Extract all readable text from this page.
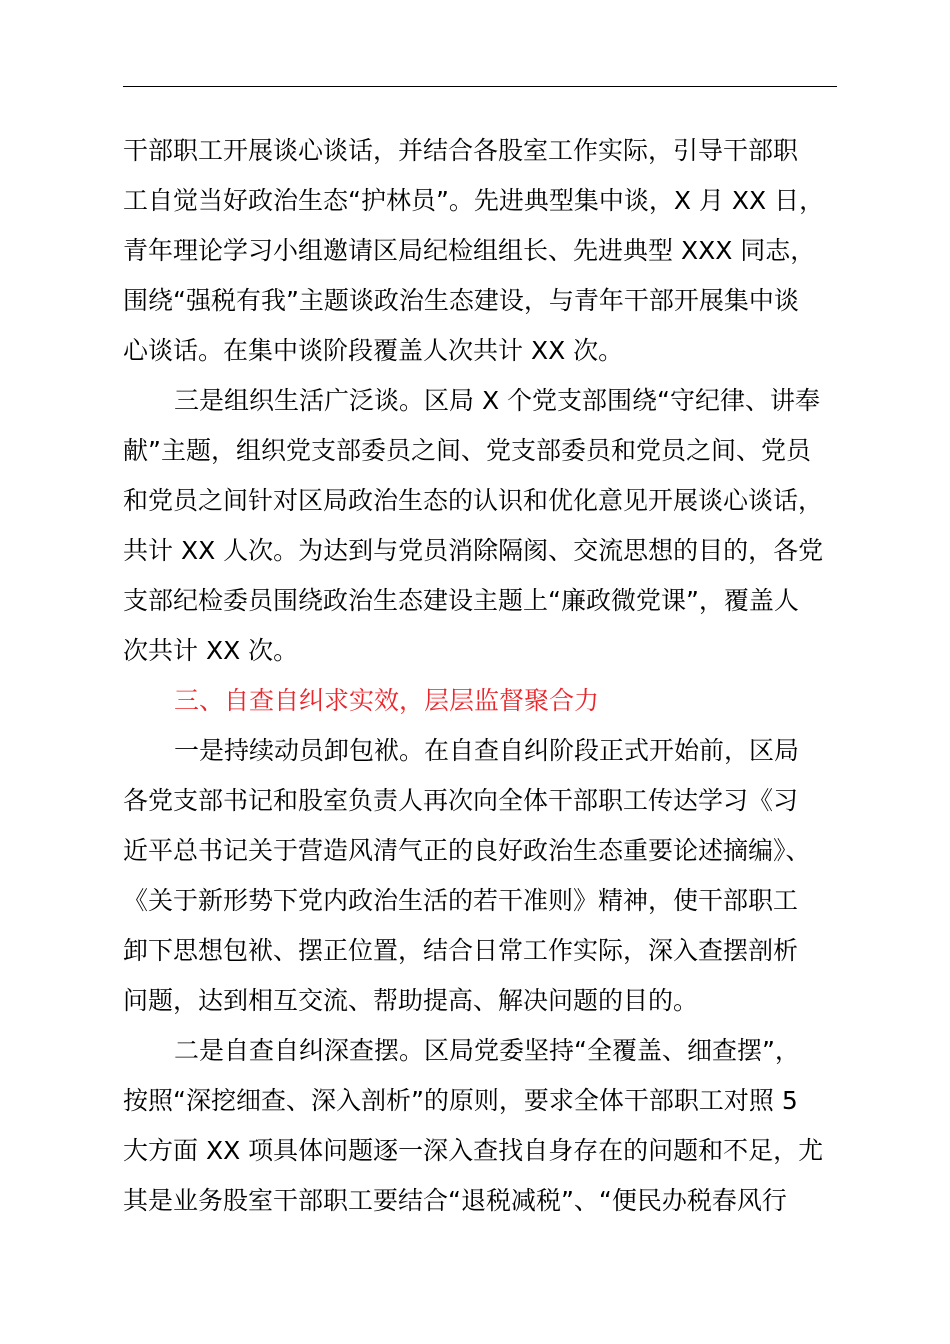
干部职工开展谈心谈话，并结合各股室工作实际，引导干部职
工自觉当好政治生态“护林员”。先进典型集中谈，X 月 XX 日，
青年理论学习小组邀请区局纪检组组长、先进典型 XXX 同志，
围绕“强税有我”主题谈政治生态建设，与青年干部开展集中谈
心谈话。在集中谈阶段覆盖人次共计 XX 次。
三是组织生活广泛谈。区局 X 个党支部围绕“守纪律、讲奉
献”主题，组织党支部委员之间、党支部委员和党员之间、党员
和党员之间针对区局政治生态的认识和优化意见开展谈心谈话，
共计 XX 人次。为达到与党员消除隔阂、交流思想的目的，各党
支部纪检委员围绕政治生态建设主题上“廉政微党课”，覆盖人
次共计 XX 次。
三、自查自纠求实效，层层监督聚合力
一是持续动员卸包袱。在自查自纠阶段正式开始前，区局
各党支部书记和股室负责人再次向全体干部职工传达学习《习
近平总书记关于营造风清气正的良好政治生态重要论述摘编》、
《关于新形势下党内政治生活的若干准则》精神，使干部职工
卸下思想包袱、摆正位置，结合日常工作实际，深入查摆剖析
问题，达到相互交流、帮助提高、解决问题的目的。
二是自查自纠深查摆。区局党委坚持“全覆盖、细查摆”，
按照“深挖细查、深入剖析”的原则，要求全体干部职工对照 5
大方面 XX 项具体问题逐一深入查找自身存在的问题和不足，尤
其是业务股室干部职工要结合“退税减税”、“便民办税春风行
